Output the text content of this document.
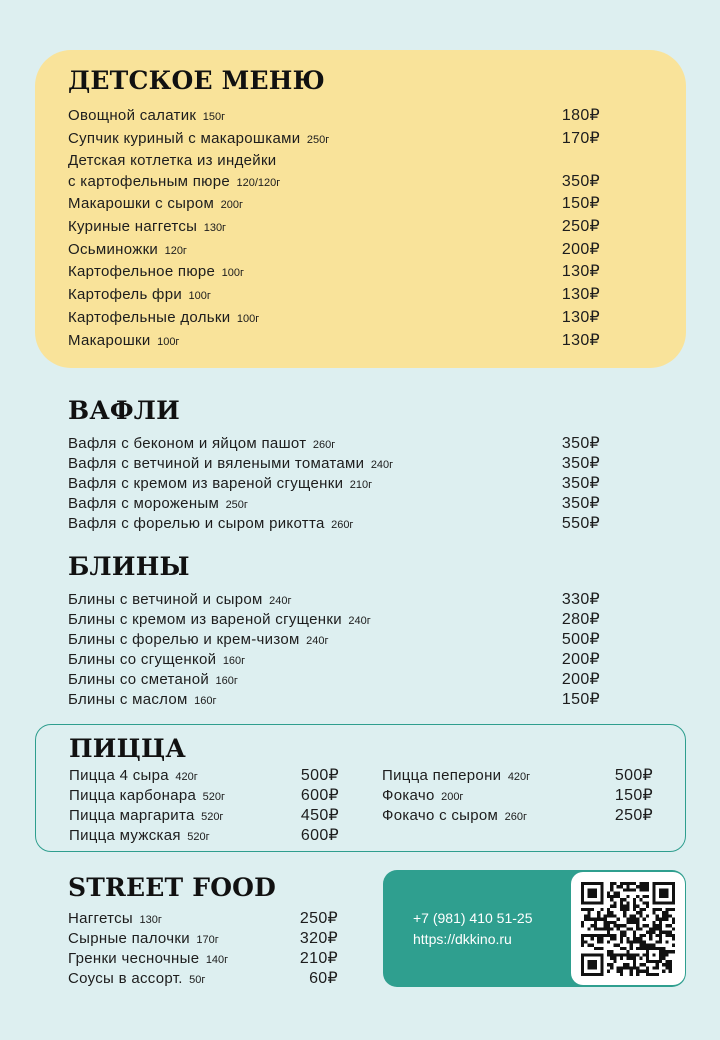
ДЕТСКОЕ МЕНЮ
Овощной салатик 150г	180₽
Супчик куриный с макарошками 250г	170₽
Детская котлетка из индейки
с картофельным пюре 120/120г	350₽
Макарошки с сыром 200г	150₽
Куриные наггетсы 130г	250₽
Осьминожки 120г	200₽
Картофельное пюре 100г	130₽
Картофель фри 100г	130₽
Картофельные дольки 100г	130₽
Макарошки 100г	130₽
ВАФЛИ
Вафля с беконом и яйцом пашот 260г	350₽
Вафля с ветчиной и вялеными томатами 240г	350₽
Вафля с кремом из вареной сгущенки 210г	350₽
Вафля с мороженым 250г	350₽
Вафля с форелью и сыром рикотта 260г	550₽
БЛИНЫ
Блины с ветчиной и сыром 240г	330₽
Блины с кремом из вареной сгущенки 240г	280₽
Блины с форелью и крем-чизом 240г	500₽
Блины со сгущенкой 160г	200₽
Блины со сметаной 160г	200₽
Блины с маслом 160г	150₽
ПИЦЦА
Пицца 4 сыра 420г	500₽
Пицца карбонара 520г	600₽
Пицца маргарита 520г	450₽
Пицца мужская 520г	600₽
Пицца пеперони 420г	500₽
Фокачо 200г	150₽
Фокачо с сыром 260г	250₽
STREET FOOD
Наггетсы 130г	250₽
Сырные палочки 170г	320₽
Гренки чесночные 140г	210₽
Соусы в ассорт. 50г	60₽
+7 (981) 410 51-25
https://dkkino.ru
